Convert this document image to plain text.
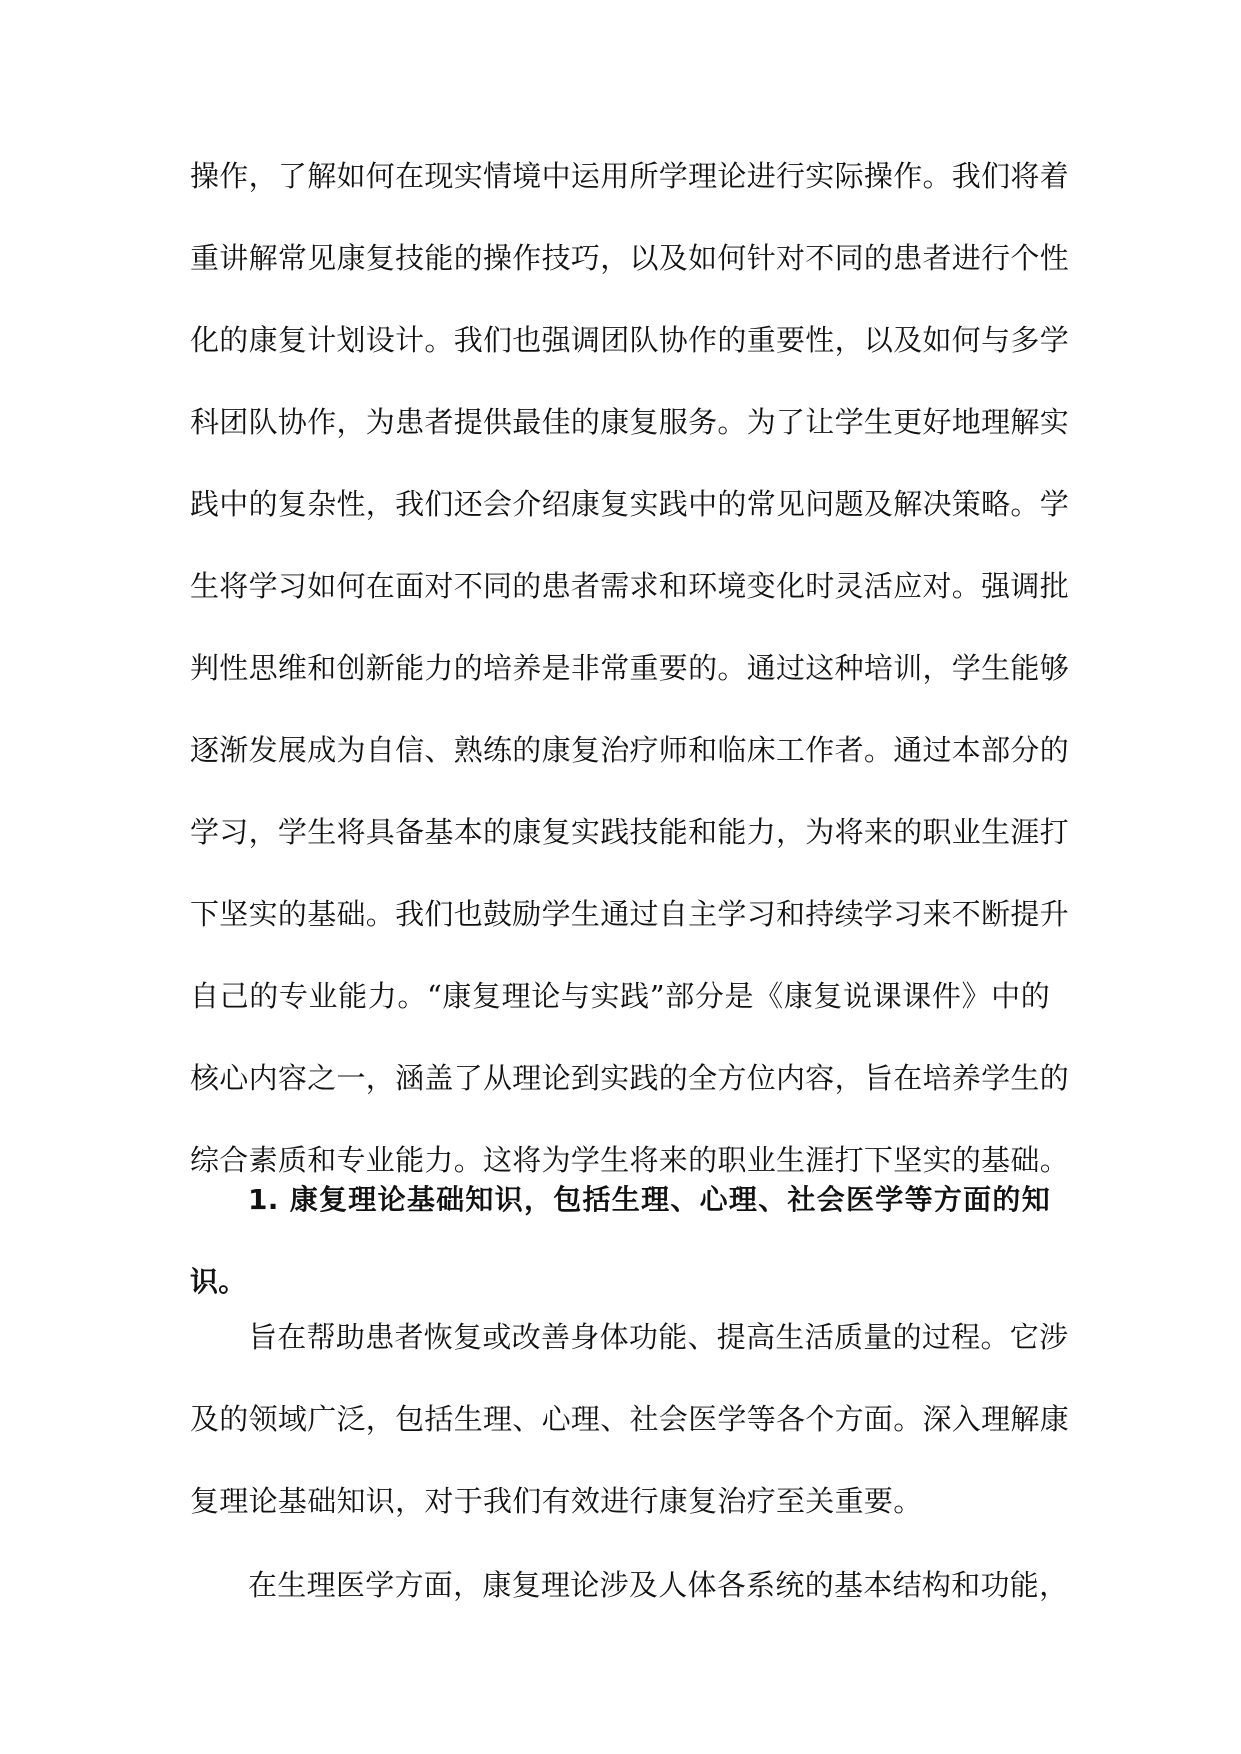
操作，了解如何在现实情境中运用所学理论进行实际操作。我们将着
重讲解常见康复技能的操作技巧，以及如何针对不同的患者进行个性
化的康复计划设计。我们也强调团队协作的重要性，以及如何与多学
科团队协作，为患者提供最佳的康复服务。为了让学生更好地理解实
践中的复杂性，我们还会介绍康复实践中的常见问题及解决策略。学
生将学习如何在面对不同的患者需求和环境变化时灵活应对。强调批
判性思维和创新能力的培养是非常重要的。通过这种培训，学生能够
逐渐发展成为自信、熟练的康复治疗师和临床工作者。通过本部分的
学习，学生将具备基本的康复实践技能和能力，为将来的职业生涯打
下坚实的基础。我们也鼓励学生通过自主学习和持续学习来不断提升
自己的专业能力。“康复理论与实践”部分是《康复说课课件》中的
核心内容之一，涵盖了从理论到实践的全方位内容，旨在培养学生的
综合素质和专业能力。这将为学生将来的职业生涯打下坚实的基础。
1. 康复理论基础知识，包括生理、心理、社会医学等方面的知
识。
旨在帮助患者恢复或改善身体功能、提高生活质量的过程。它涉
及的领域广泛，包括生理、心理、社会医学等各个方面。深入理解康
复理论基础知识，对于我们有效进行康复治疗至关重要。
在生理医学方面，康复理论涉及人体各系统的基本结构和功能，
